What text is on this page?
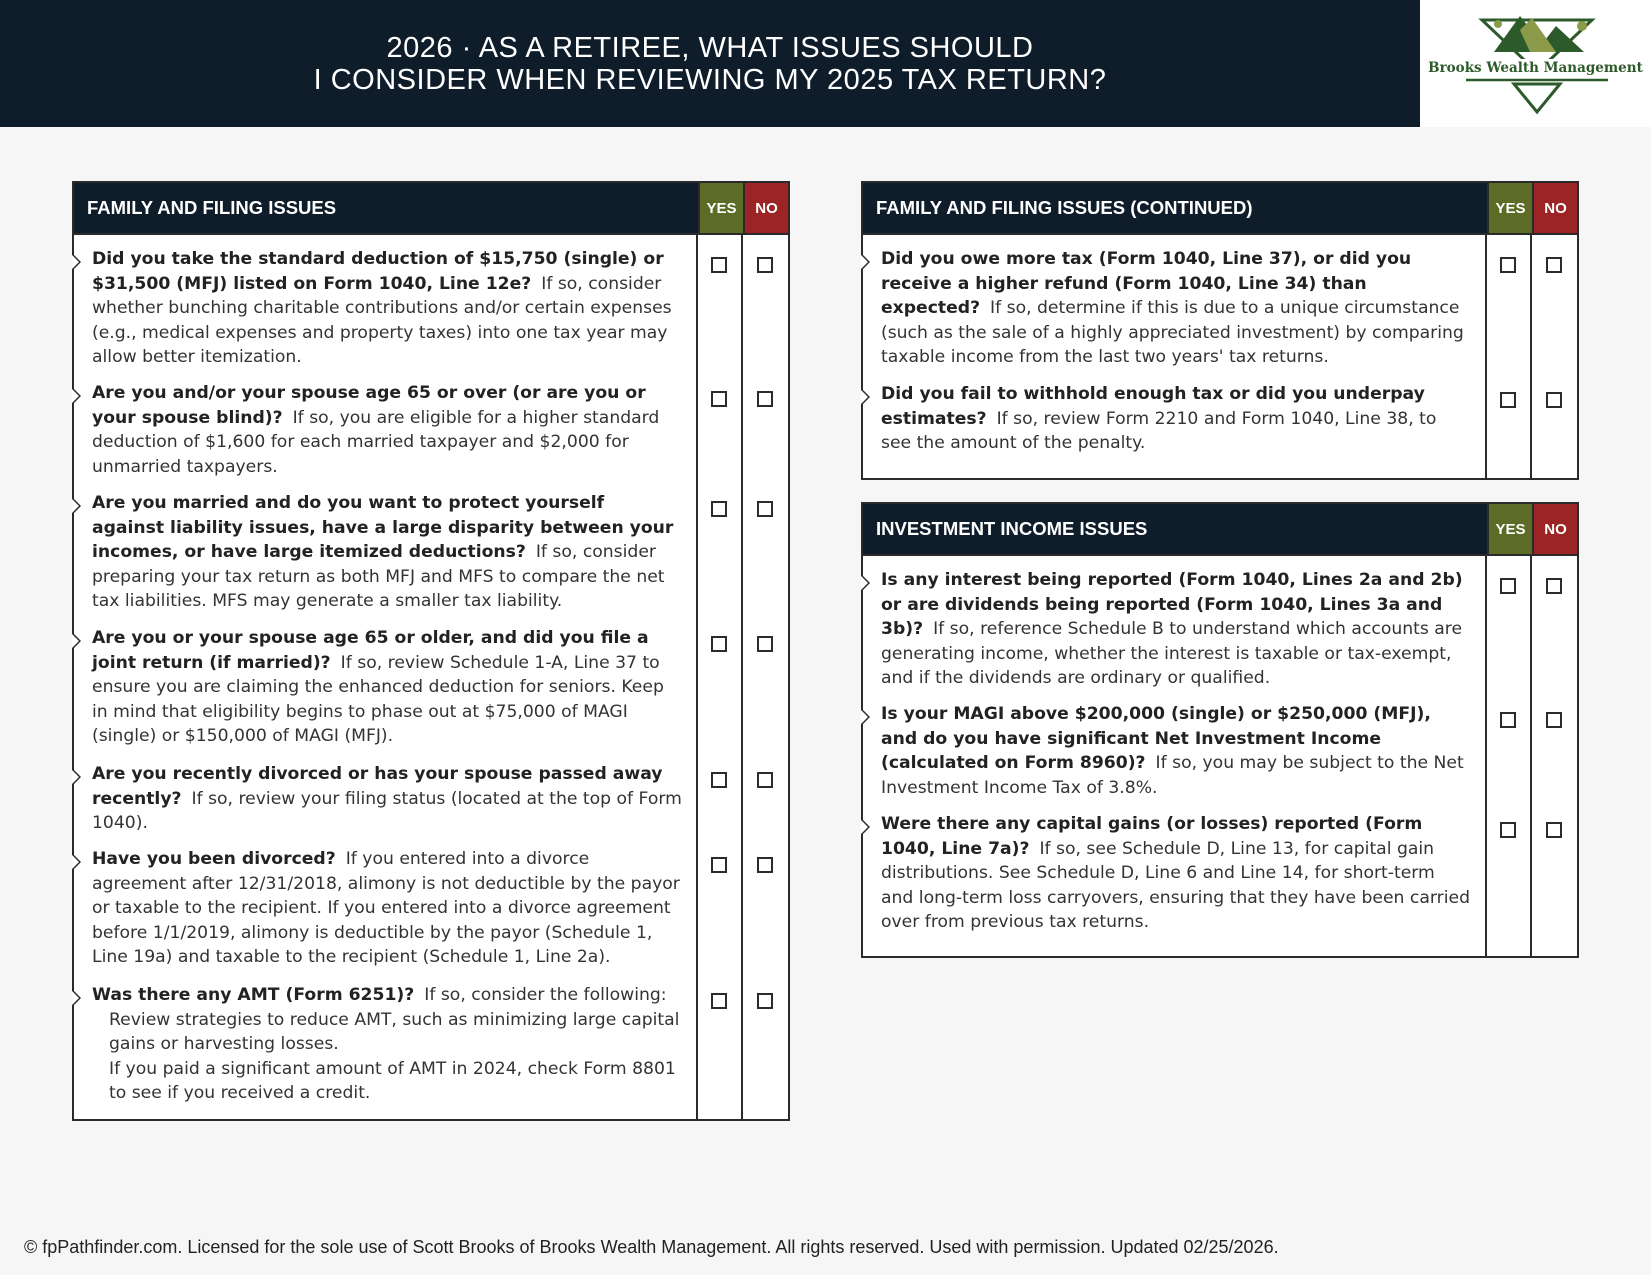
2026 · AS A RETIREE, WHAT ISSUES SHOULD
I CONSIDER WHEN REVIEWING MY 2025 TAX RETURN?	Brooks Wealth Management
FAMILY AND FILING ISSUES	YES	NO
Did you take the standard deduction of $15,750 (single) or $31,500 (MFJ) listed on Form 1040, Line 12e? If so, consider whether bunching charitable contributions and/or certain expenses (e.g., medical expenses and property taxes) into one tax year may allow better itemization.
Are you and/or your spouse age 65 or over (or are you or your spouse blind)? If so, you are eligible for a higher standard deduction of $1,600 for each married taxpayer and $2,000 for unmarried taxpayers.
Are you married and do you want to protect yourself against liability issues, have a large disparity between your incomes, or have large itemized deductions? If so, consider preparing your tax return as both MFJ and MFS to compare the net tax liabilities. MFS may generate a smaller tax liability.
Are you or your spouse age 65 or older, and did you file a joint return (if married)? If so, review Schedule 1-A, Line 37 to ensure you are claiming the enhanced deduction for seniors. Keep in mind that eligibility begins to phase out at $75,000 of MAGI (single) or $150,000 of MAGI (MFJ).
Are you recently divorced or has your spouse passed away recently? If so, review your filing status (located at the top of Form 1040).
Have you been divorced? If you entered into a divorce agreement after 12/31/2018, alimony is not deductible by the payor or taxable to the recipient. If you entered into a divorce agreement before 1/1/2019, alimony is deductible by the payor (Schedule 1, Line 19a) and taxable to the recipient (Schedule 1, Line 2a).
Was there any AMT (Form 6251)? If so, consider the following:
Review strategies to reduce AMT, such as minimizing large capital gains or harvesting losses.
If you paid a significant amount of AMT in 2024, check Form 8801 to see if you received a credit.
FAMILY AND FILING ISSUES (CONTINUED)	YES	NO
Did you owe more tax (Form 1040, Line 37), or did you receive a higher refund (Form 1040, Line 34) than expected? If so, determine if this is due to a unique circumstance (such as the sale of a highly appreciated investment) by comparing taxable income from the last two years' tax returns.
Did you fail to withhold enough tax or did you underpay estimates? If so, review Form 2210 and Form 1040, Line 38, to see the amount of the penalty.
INVESTMENT INCOME ISSUES	YES	NO
Is any interest being reported (Form 1040, Lines 2a and 2b) or are dividends being reported (Form 1040, Lines 3a and 3b)? If so, reference Schedule B to understand which accounts are generating income, whether the interest is taxable or tax-exempt, and if the dividends are ordinary or qualified.
Is your MAGI above $200,000 (single) or $250,000 (MFJ), and do you have significant Net Investment Income (calculated on Form 8960)? If so, you may be subject to the Net Investment Income Tax of 3.8%.
Were there any capital gains (or losses) reported (Form 1040, Line 7a)? If so, see Schedule D, Line 13, for capital gain distributions. See Schedule D, Line 6 and Line 14, for short-term and long-term loss carryovers, ensuring that they have been carried over from previous tax returns.
© fpPathfinder.com. Licensed for the sole use of Scott Brooks of Brooks Wealth Management. All rights reserved. Used with permission. Updated 02/25/2026.
